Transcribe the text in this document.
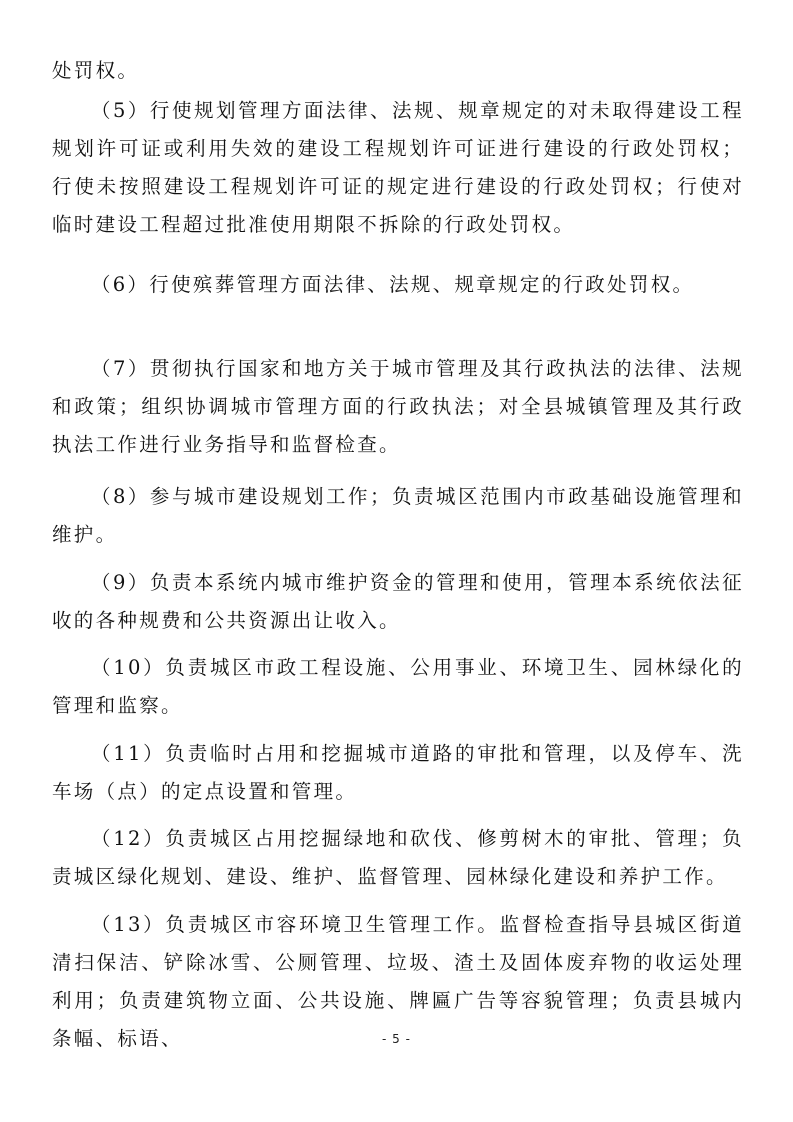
处罚权。

（5）行使规划管理方面法律、法规、规章规定的对未取得建设工程规划许可证或利用失效的建设工程规划许可证进行建设的行政处罚权；行使未按照建设工程规划许可证的规定进行建设的行政处罚权；行使对临时建设工程超过批准使用期限不拆除的行政处罚权。

（6）行使殡葬管理方面法律、法规、规章规定的行政处罚权。

（7）贯彻执行国家和地方关于城市管理及其行政执法的法律、法规和政策；组织协调城市管理方面的行政执法；对全县城镇管理及其行政执法工作进行业务指导和监督检查。

（8）参与城市建设规划工作；负责城区范围内市政基础设施管理和维护。

（9）负责本系统内城市维护资金的管理和使用，管理本系统依法征收的各种规费和公共资源出让收入。

（10）负责城区市政工程设施、公用事业、环境卫生、园林绿化的管理和监察。

（11）负责临时占用和挖掘城市道路的审批和管理，以及停车、洗车场（点）的定点设置和管理。

（12）负责城区占用挖掘绿地和砍伐、修剪树木的审批、管理；负责城区绿化规划、建设、维护、监督管理、园林绿化建设和养护工作。

（13）负责城区市容环境卫生管理工作。监督检查指导县城区街道清扫保洁、铲除冰雪、公厕管理、垃圾、渣土及固体废弃物的收运处理利用；负责建筑物立面、公共设施、牌匾广告等容貌管理；负责县城内条幅、标语、	- 5 -
